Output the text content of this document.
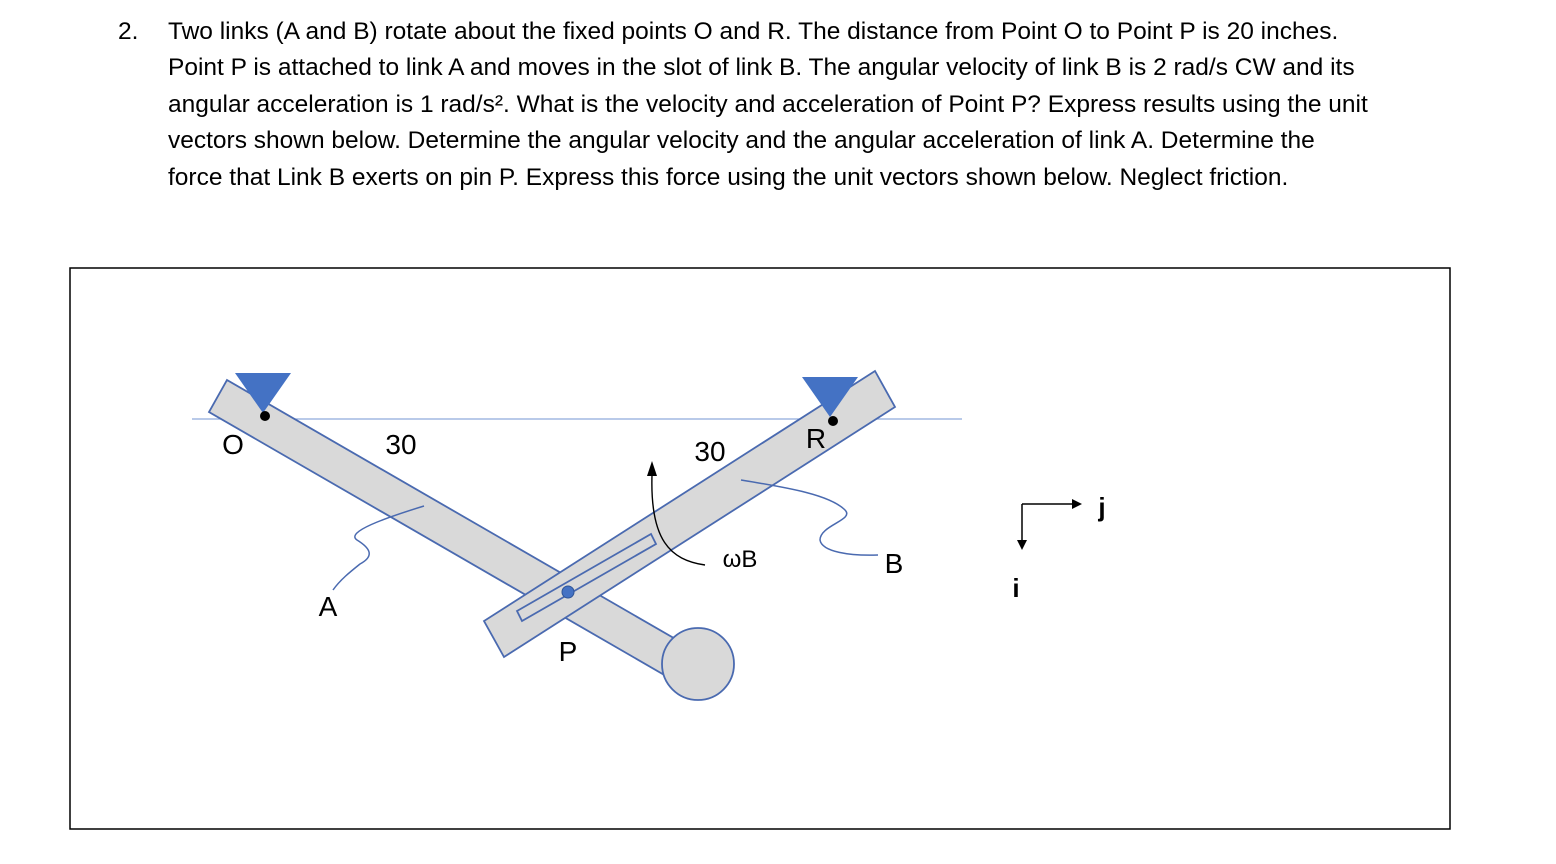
2. Two links (A and B) rotate about the fixed points O and R. The distance from Point O to Point P is 20 inches.
Point P is attached to link A and moves in the slot of link B. The angular velocity of link B is 2 rad/s CW and its
angular acceleration is 1 rad/s². What is the velocity and acceleration of Point P? Express results using the unit
vectors shown below. Determine the angular velocity and the angular acceleration of link A. Determine the
force that Link B exerts on pin P. Express this force using the unit vectors shown below. Neglect friction.
O	30	30	R
A
B
P
ωB
i
j
